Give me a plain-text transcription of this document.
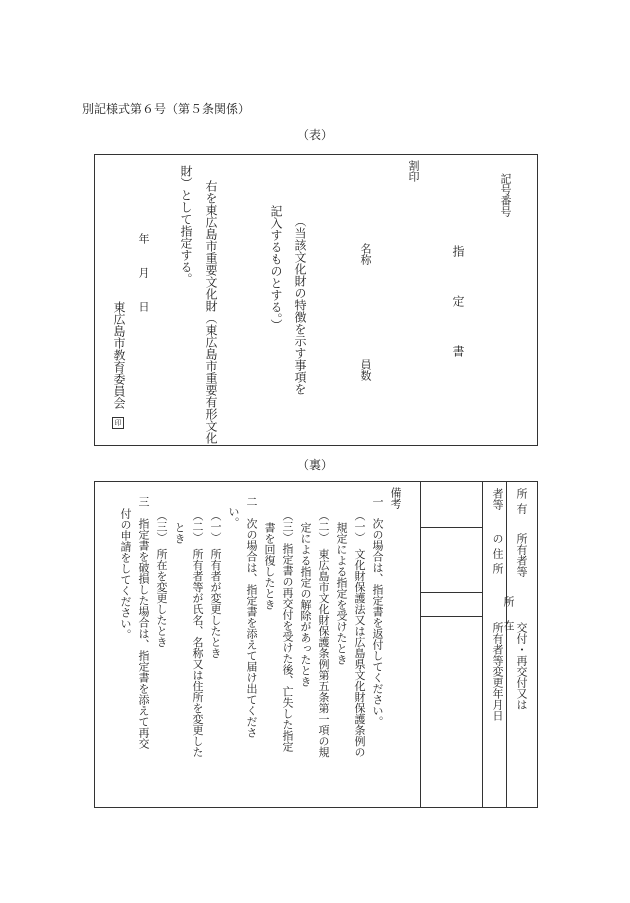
別記様式第６号（第５条関係）
（表）
記号番号
指
定
書
割印
名称
員数
（当該文化財の特徴を示す事項を
記入するものとする。）
右を東広島市重要文化財（東広島市重要有形文化
財）として指定する。
年
月
日
東広島市教育委員会
印
（裏）
所有
者等
所有者等
の住所
所
在 交付・再交付又は
所有者等変更年月日
備考
一　次の場合は、指定書を返付してください。
（一）　文化財保護法又は広島県文化財保護条例の
規定による指定を受けたとき
（二）　東広島市文化財保護条例第五条第一項の規
定による指定の解除があったとき
（三）指定書の再交付を受けた後、亡失した指定
書を回復したとき
二　次の場合は、指定書を添えて届け出てくださ
い。
（一）　所有者が変更したとき
（二）　所有者等が氏名、名称又は住所を変更した
とき
（三）　所在を変更したとき
三　指定書を破損した場合は、指定書を添えて再交
付の申請をしてください。
